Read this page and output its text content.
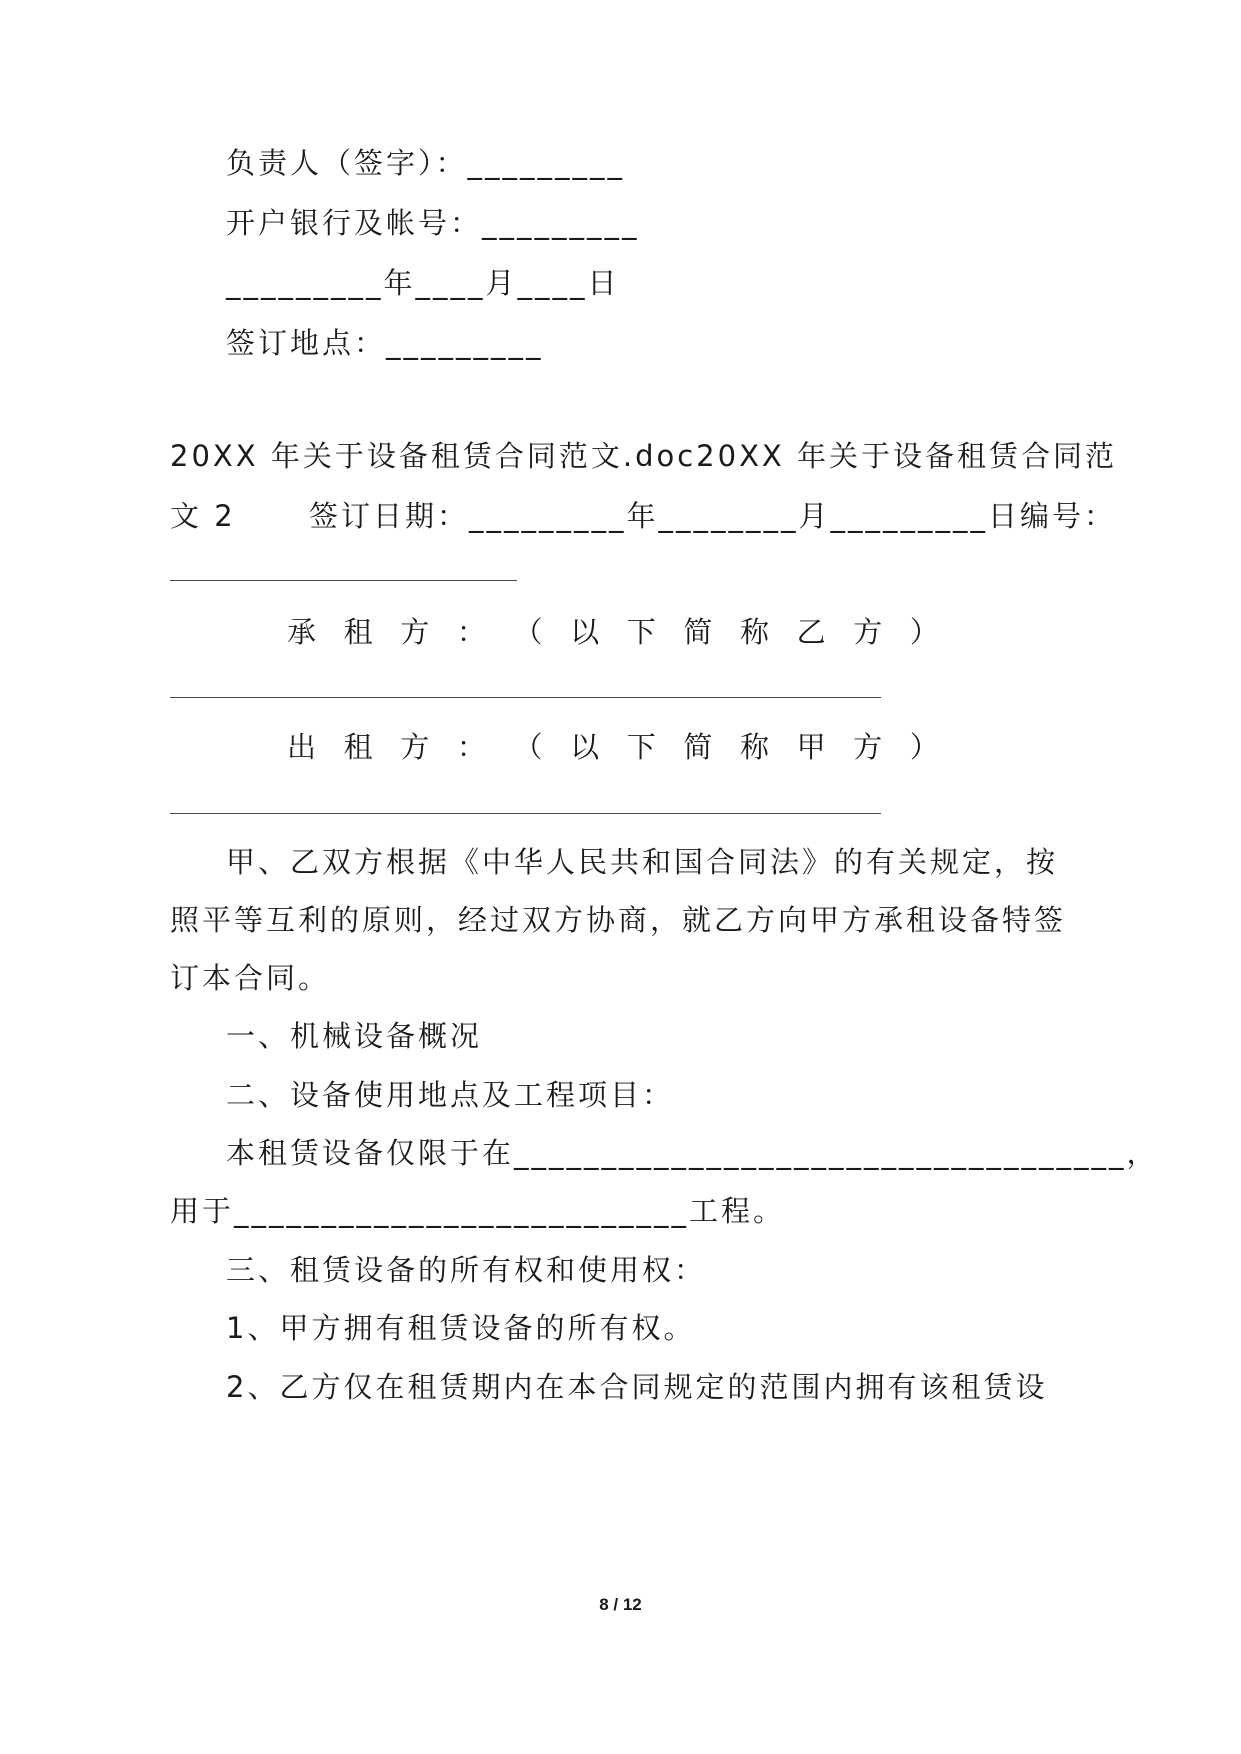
负责人（签字）：_________
开户银行及帐号：_________
_________年____月____日
签订地点：_________
20XX 年关于设备租赁合同范文.doc20XX 年关于设备租赁合同范
文 2      签订日期：_________年________月_________日编号：
承 租 方 ： （ 以 下 简 称 乙 方 ）
出 租 方 ： （ 以 下 简 称 甲 方 ）
甲、乙双方根据《中华人民共和国合同法》的有关规定，按
照平等互利的原则，经过双方协商，就乙方向甲方承租设备特签
订本合同。
一、机械设备概况
二、设备使用地点及工程项目：
本租赁设备仅限于在___________________________________，
用于__________________________工程。
三、租赁设备的所有权和使用权：
1、甲方拥有租赁设备的所有权。
2、乙方仅在租赁期内在本合同规定的范围内拥有该租赁设
8 / 12
